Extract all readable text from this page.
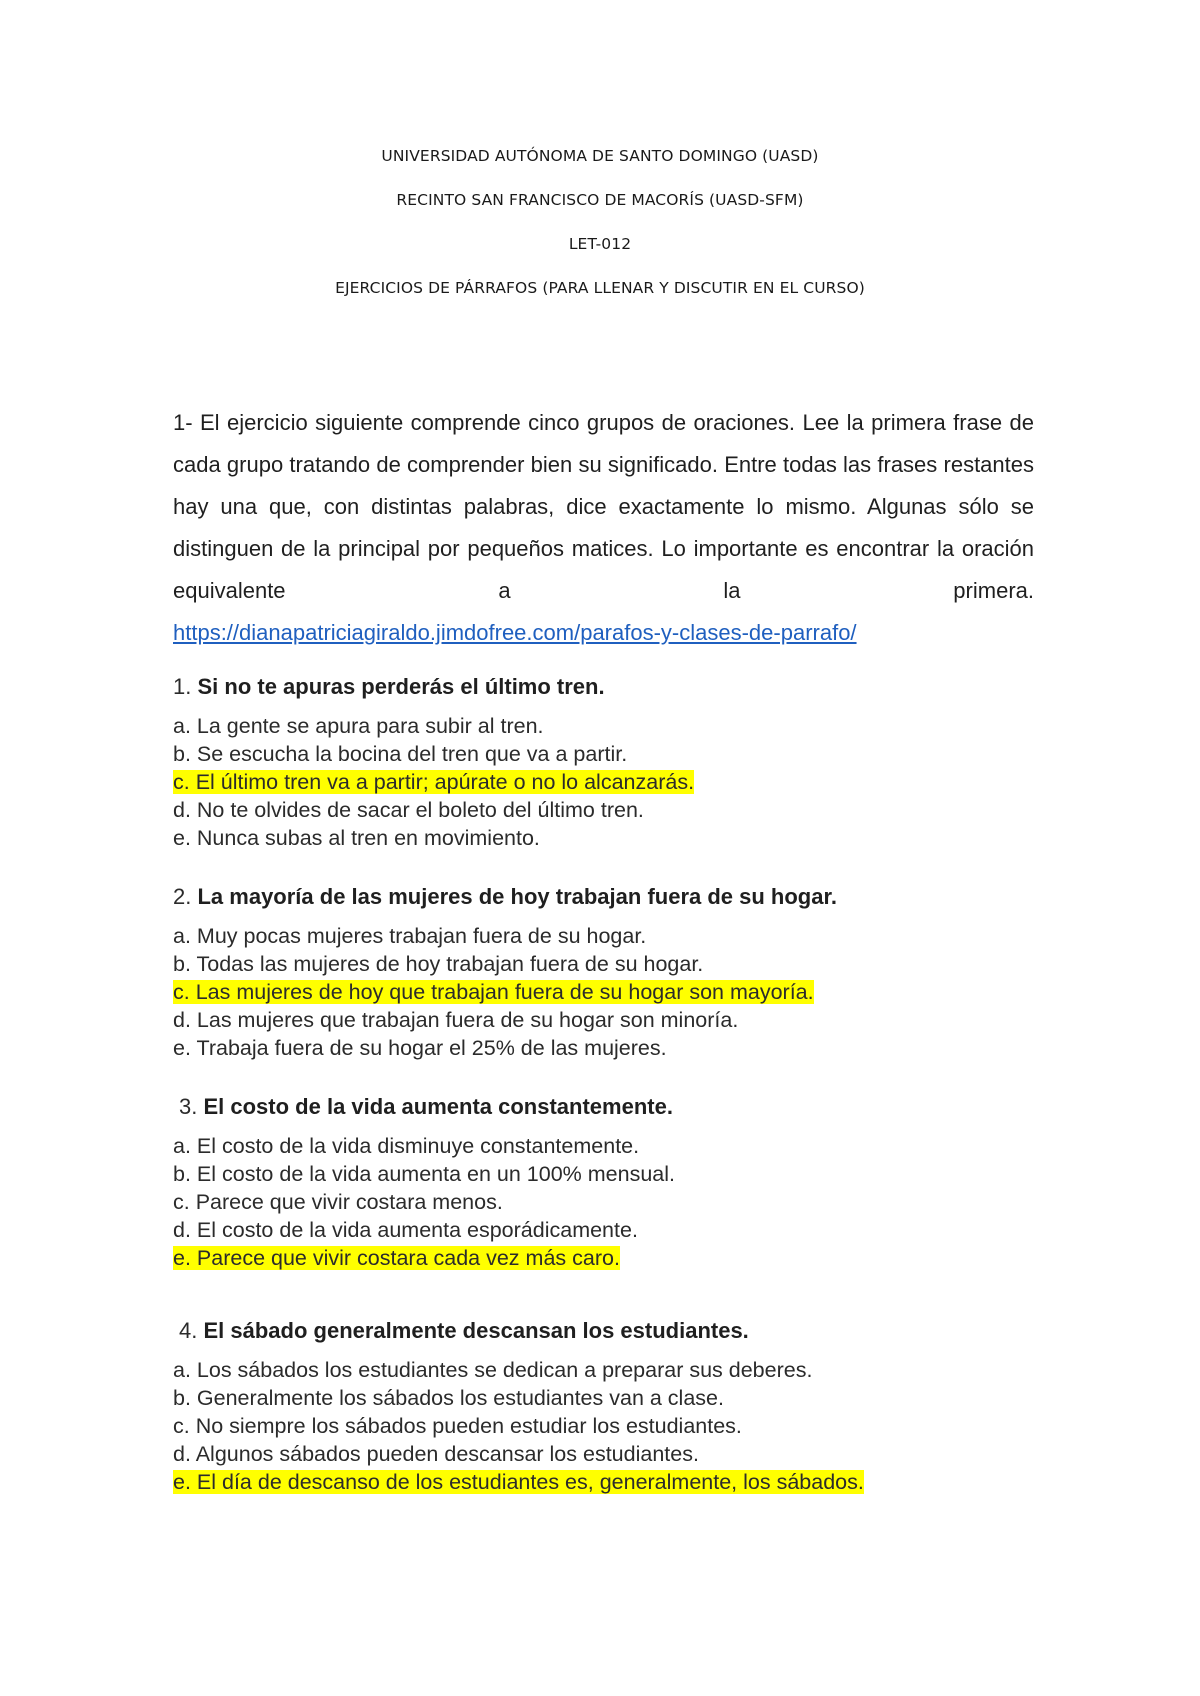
UNIVERSIDAD AUTÓNOMA DE SANTO DOMINGO (UASD)

RECINTO SAN FRANCISCO DE MACORÍS (UASD-SFM)

LET-012

EJERCICIOS DE PÁRRAFOS (PARA LLENAR Y DISCUTIR EN EL CURSO)

1- El ejercicio siguiente comprende cinco grupos de oraciones. Lee la primera frase de cada grupo tratando de comprender bien su significado. Entre todas las frases restantes hay una que, con distintas palabras, dice exactamente lo mismo. Algunas sólo se distinguen de la principal por pequeños matices. Lo importante es encontrar la oración equivalente a la primera.
https://dianapatriciagiraldo.jimdofree.com/parafos-y-clases-de-parrafo/
1. Si no te apuras perderás el último tren.
a. La gente se apura para subir al tren.
b. Se escucha la bocina del tren que va a partir.
c. El último tren va a partir; apúrate o no lo alcanzarás.
d. No te olvides de sacar el boleto del último tren.
e. Nunca subas al tren en movimiento.
2. La mayoría de las mujeres de hoy trabajan fuera de su hogar.
a. Muy pocas mujeres trabajan fuera de su hogar.
b. Todas las mujeres de hoy trabajan fuera de su hogar.
c. Las mujeres de hoy que trabajan fuera de su hogar son mayoría.
d. Las mujeres que trabajan fuera de su hogar son minoría.
e. Trabaja fuera de su hogar el 25% de las mujeres.
3. El costo de la vida aumenta constantemente.
a. El costo de la vida disminuye constantemente.
b. El costo de la vida aumenta en un 100% mensual.
c. Parece que vivir costara menos.
d. El costo de la vida aumenta esporádicamente.
e. Parece que vivir costara cada vez más caro.
4. El sábado generalmente descansan los estudiantes.
a. Los sábados los estudiantes se dedican a preparar sus deberes.
b. Generalmente los sábados los estudiantes van a clase.
c. No siempre los sábados pueden estudiar los estudiantes.
d. Algunos sábados pueden descansar los estudiantes.
e. El día de descanso de los estudiantes es, generalmente, los sábados.
